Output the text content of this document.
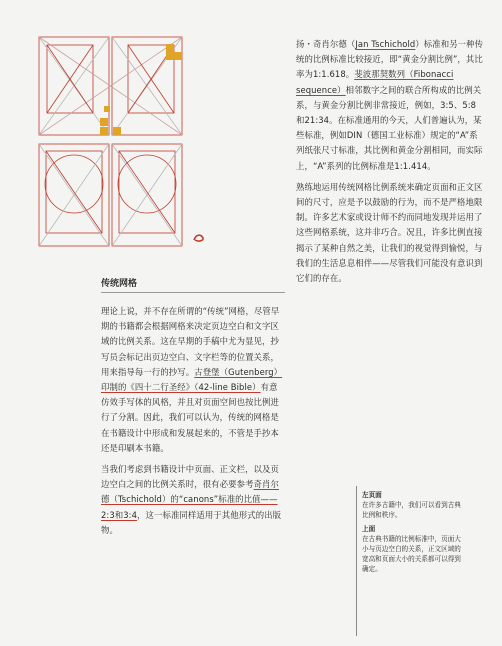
扬・奇肖尔德（Jan Tschichold）标准和另一种传统的比例标准比较接近，即“黄金分割比例”，其比率为1:1.618。斐波那契数列（Fibonacci sequence）相邻数字之间的联合所构成的比例关系，与黄金分割比例非常接近，例如，3:5、5:8和21:34。在标准通用的今天，人们普遍认为，某些标准，例如DIN（德国工业标准）规定的“A”系列纸张尺寸标准，其比例和黄金分割相同，而实际上，“A”系列的比例标准是1:1.414。

熟练地运用传统网格比例系统来确定页面和正文区间的尺寸，应是予以鼓励的行为，而不是严格地限制。许多艺术家或设计师不约而同地发现并运用了这些网格系统，这并非巧合。况且，许多比例直接揭示了某种自然之美，让我们的视觉得到愉悦，与我们的生活息息相伴——尽管我们可能没有意识到它们的存在。

传统网格

理论上说，并不存在所谓的“传统”网格，尽管早期的书籍都会根据网格来决定页边空白和文字区域的比例关系。这在早期的手稿中尤为显见，抄写员会标记出页边空白、文字栏等的位置关系，用来指导每一行的抄写。古登堡（Gutenberg）印制的《四十二行圣经》（42-line Bible）有意仿效手写体的风格，并且对页面空间也按比例进行了分割。因此，我们可以认为，传统的网格是在书籍设计中形成和发展起来的，不管是手抄本还是印刷本书籍。

当我们考虑到书籍设计中页面、正文栏，以及页边空白之间的比例关系时，很有必要参考奇肖尔德（Tschichold）的“canons”标准的比值——2:3和3:4，这一标准同样适用于其他形式的出版物。

左页面
在许多古籍中，我们可以看到古典比例和秩序。
上面
在古典书籍的比例标准中，页面大小与页边空白的关系，正文区域的宽高和页面大小的关系都可以得到确定。
